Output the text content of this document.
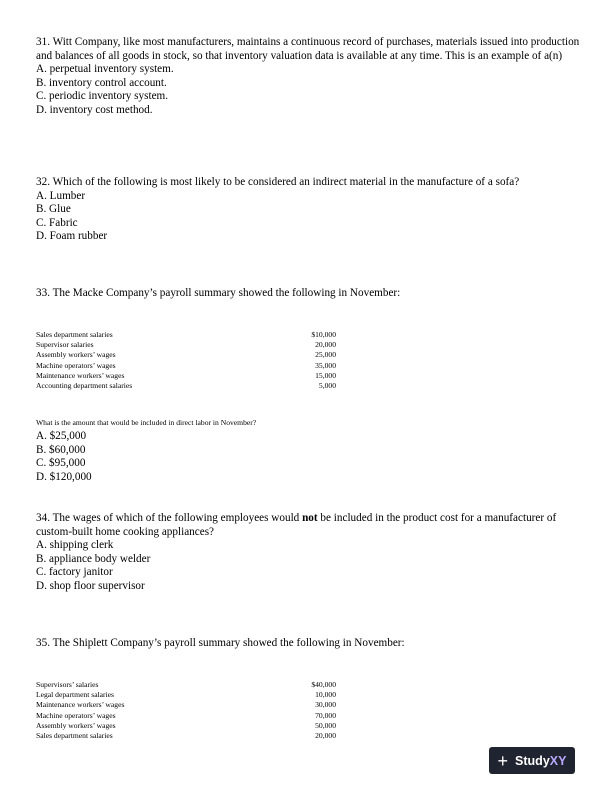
31. Witt Company, like most manufacturers, maintains a continuous record of purchases, materials issued into production and balances of all goods in stock, so that inventory valuation data is available at any time. This is an example of a(n)

A. perpetual inventory system.
B. inventory control account.
C. periodic inventory system.
D. inventory cost method.

32. Which of the following is most likely to be considered an indirect material in the manufacture of a sofa?

A. Lumber
B. Glue
C. Fabric
D. Foam rubber

33. The Macke Company’s payroll summary showed the following in November:

Sales department salaries	$10,000
Supervisor salaries	20,000
Assembly workers’ wages	25,000
Machine operators’ wages	35,000
Maintenance workers’ wages	15,000
Accounting department salaries	5,000
What is the amount that would be included in direct labor in November?
A. $25,000
B. $60,000
C. $95,000
D. $120,000

34. The wages of which of the following employees would not be included in the product cost for a manufacturer of custom-built home cooking appliances?

A. shipping clerk
B. appliance body welder
C. factory janitor
D. shop floor supervisor

35. The Shiplett Company’s payroll summary showed the following in November:

Supervisors’ salaries	$40,000
Legal department salaries	10,000
Maintenance workers’ wages	30,000
Machine operators’ wages	70,000
Assembly workers’ wages	50,000
Sales department salaries	20,000
+ StudyXY
